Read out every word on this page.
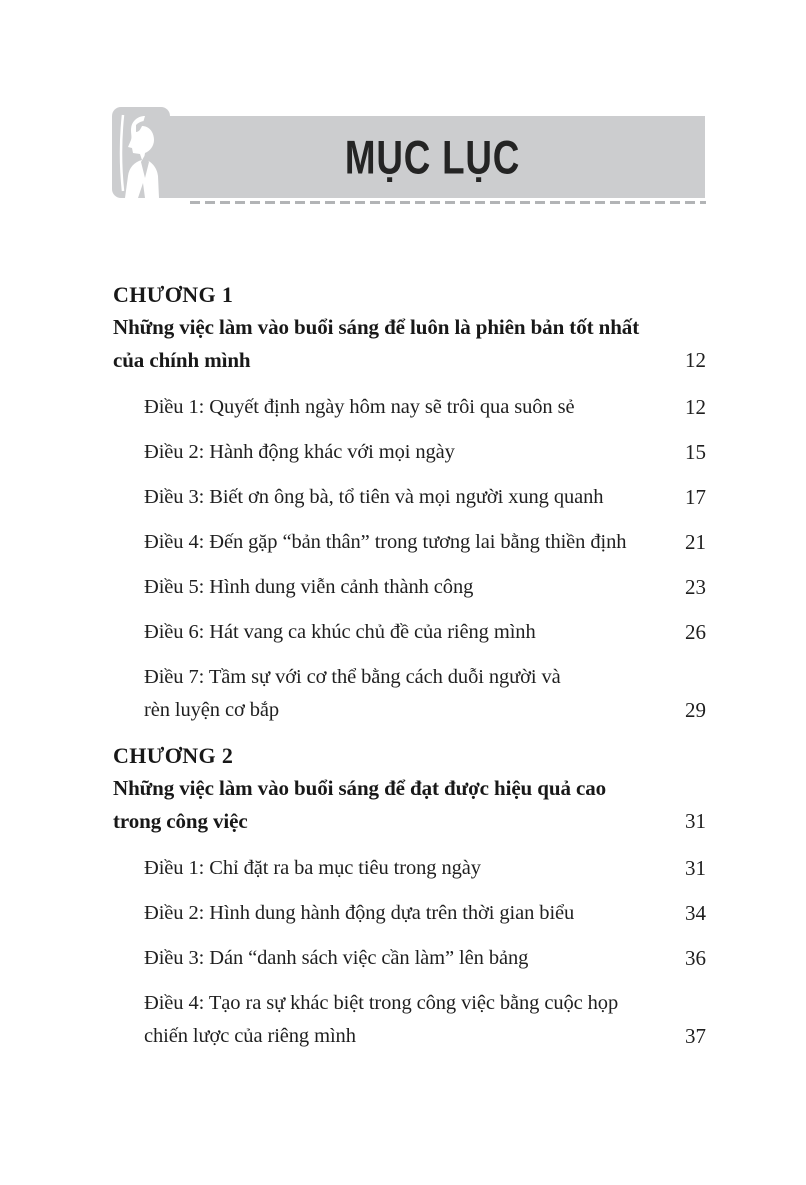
MỤC LỤC
CHƯƠNG 1
Những việc làm vào buổi sáng để luôn là phiên bản tốt nhất
của chính mình	12
Điều 1: Quyết định ngày hôm nay sẽ trôi qua suôn sẻ	12
Điều 2: Hành động khác với mọi ngày	15
Điều 3: Biết ơn ông bà, tổ tiên và mọi người xung quanh	17
Điều 4: Đến gặp “bản thân” trong tương lai bằng thiền định	21
Điều 5: Hình dung viễn cảnh thành công	23
Điều 6: Hát vang ca khúc chủ đề của riêng mình	26
Điều 7: Tầm sự với cơ thể bằng cách duỗi người và
rèn luyện cơ bắp	29
CHƯƠNG 2
Những việc làm vào buổi sáng để đạt được hiệu quả cao
trong công việc	31
Điều 1: Chỉ đặt ra ba mục tiêu trong ngày	31
Điều 2: Hình dung hành động dựa trên thời gian biểu	34
Điều 3: Dán “danh sách việc cần làm” lên bảng	36
Điều 4: Tạo ra sự khác biệt trong công việc bằng cuộc họp
chiến lược của riêng mình	37
